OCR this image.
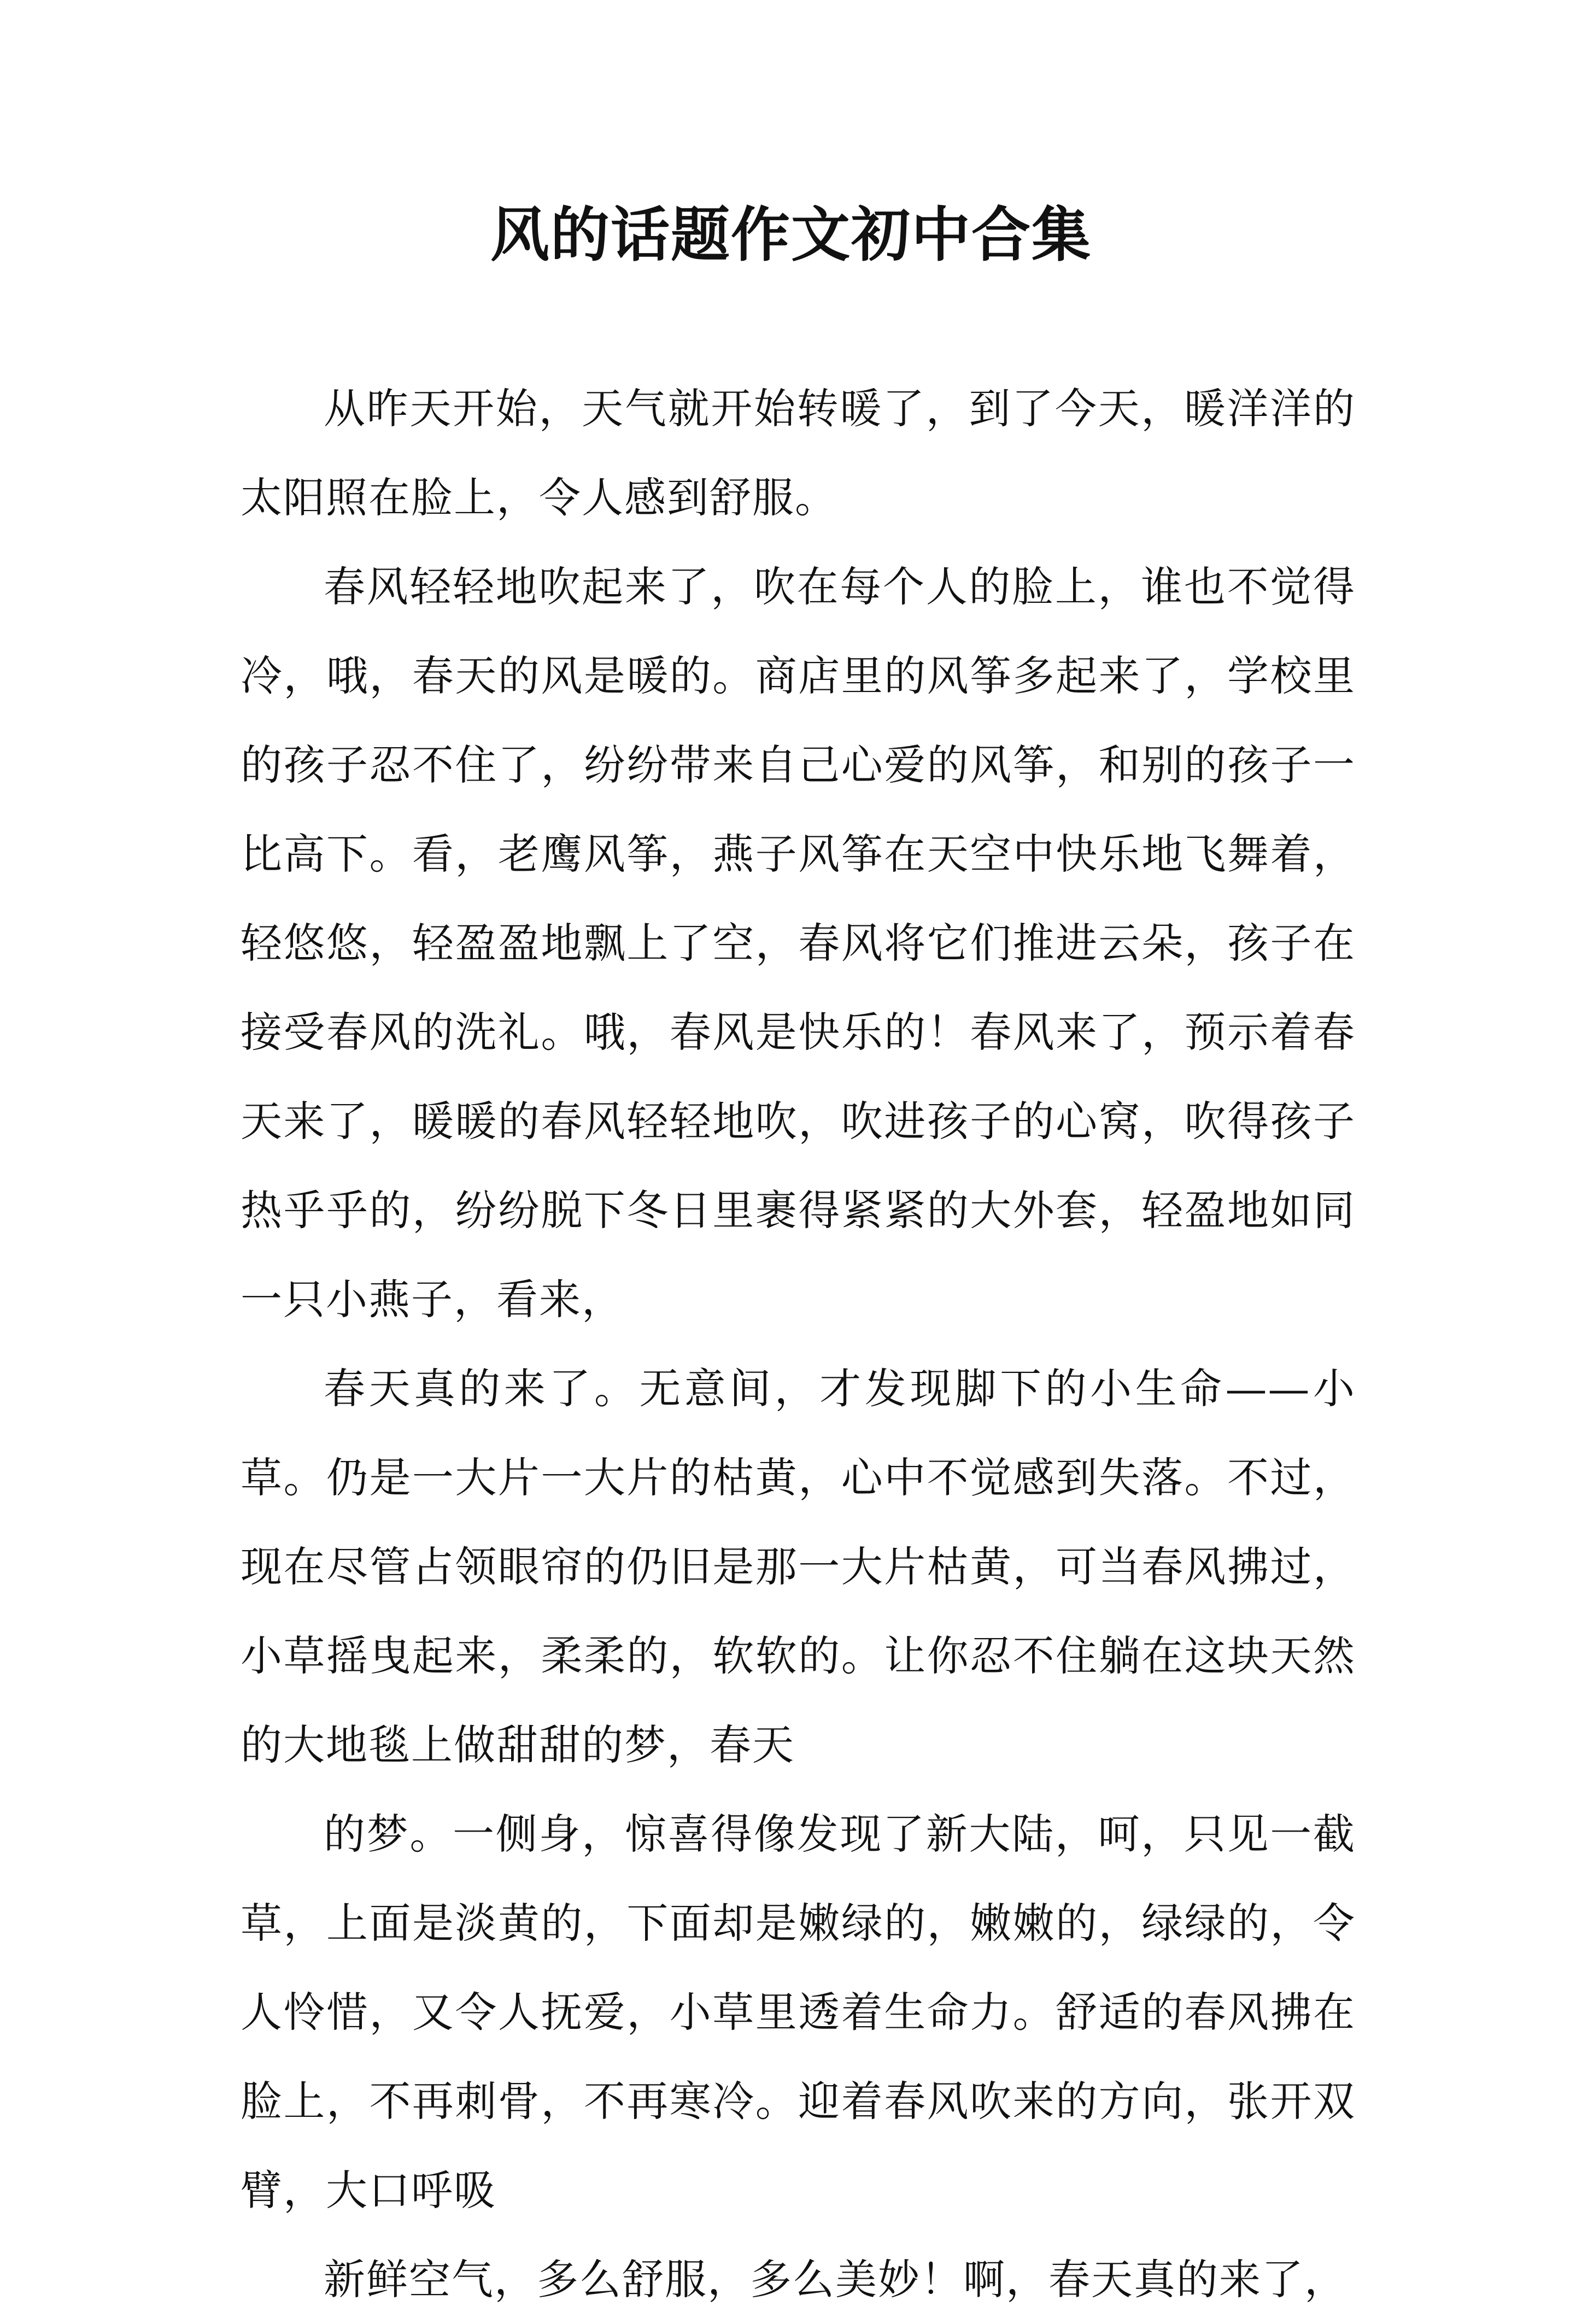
风的话题作文初中合集

从昨天开始，天气就开始转暖了，到了今天，暖洋洋的太阳照在脸上，令人感到舒服。

春风轻轻地吹起来了，吹在每个人的脸上，谁也不觉得冷，哦，春天的风是暖的。商店里的风筝多起来了，学校里的孩子忍不住了，纷纷带来自己心爱的风筝，和别的孩子一比高下。看，老鹰风筝，燕子风筝在天空中快乐地飞舞着，轻悠悠，轻盈盈地飘上了空，春风将它们推进云朵，孩子在接受春风的洗礼。哦，春风是快乐的！春风来了，预示着春天来了，暖暖的春风轻轻地吹，吹进孩子的心窝，吹得孩子热乎乎的，纷纷脱下冬日里裹得紧紧的大外套，轻盈地如同一只小燕子，看来，

春天真的来了。无意间，才发现脚下的小生命——小草。仍是一大片一大片的枯黄，心中不觉感到失落。不过，现在尽管占领眼帘的仍旧是那一大片枯黄，可当春风拂过，小草摇曳起来，柔柔的，软软的。让你忍不住躺在这块天然的大地毯上做甜甜的梦，春天

的梦。一侧身，惊喜得像发现了新大陆，呵，只见一截草，上面是淡黄的，下面却是嫩绿的，嫩嫩的，绿绿的，令人怜惜，又令人抚爱，小草里透着生命力。舒适的春风拂在脸上，不再刺骨，不再寒冷。迎着春风吹来的方向，张开双臂，大口呼吸

新鲜空气，多么舒服，多么美妙！啊，春天真的来了，
